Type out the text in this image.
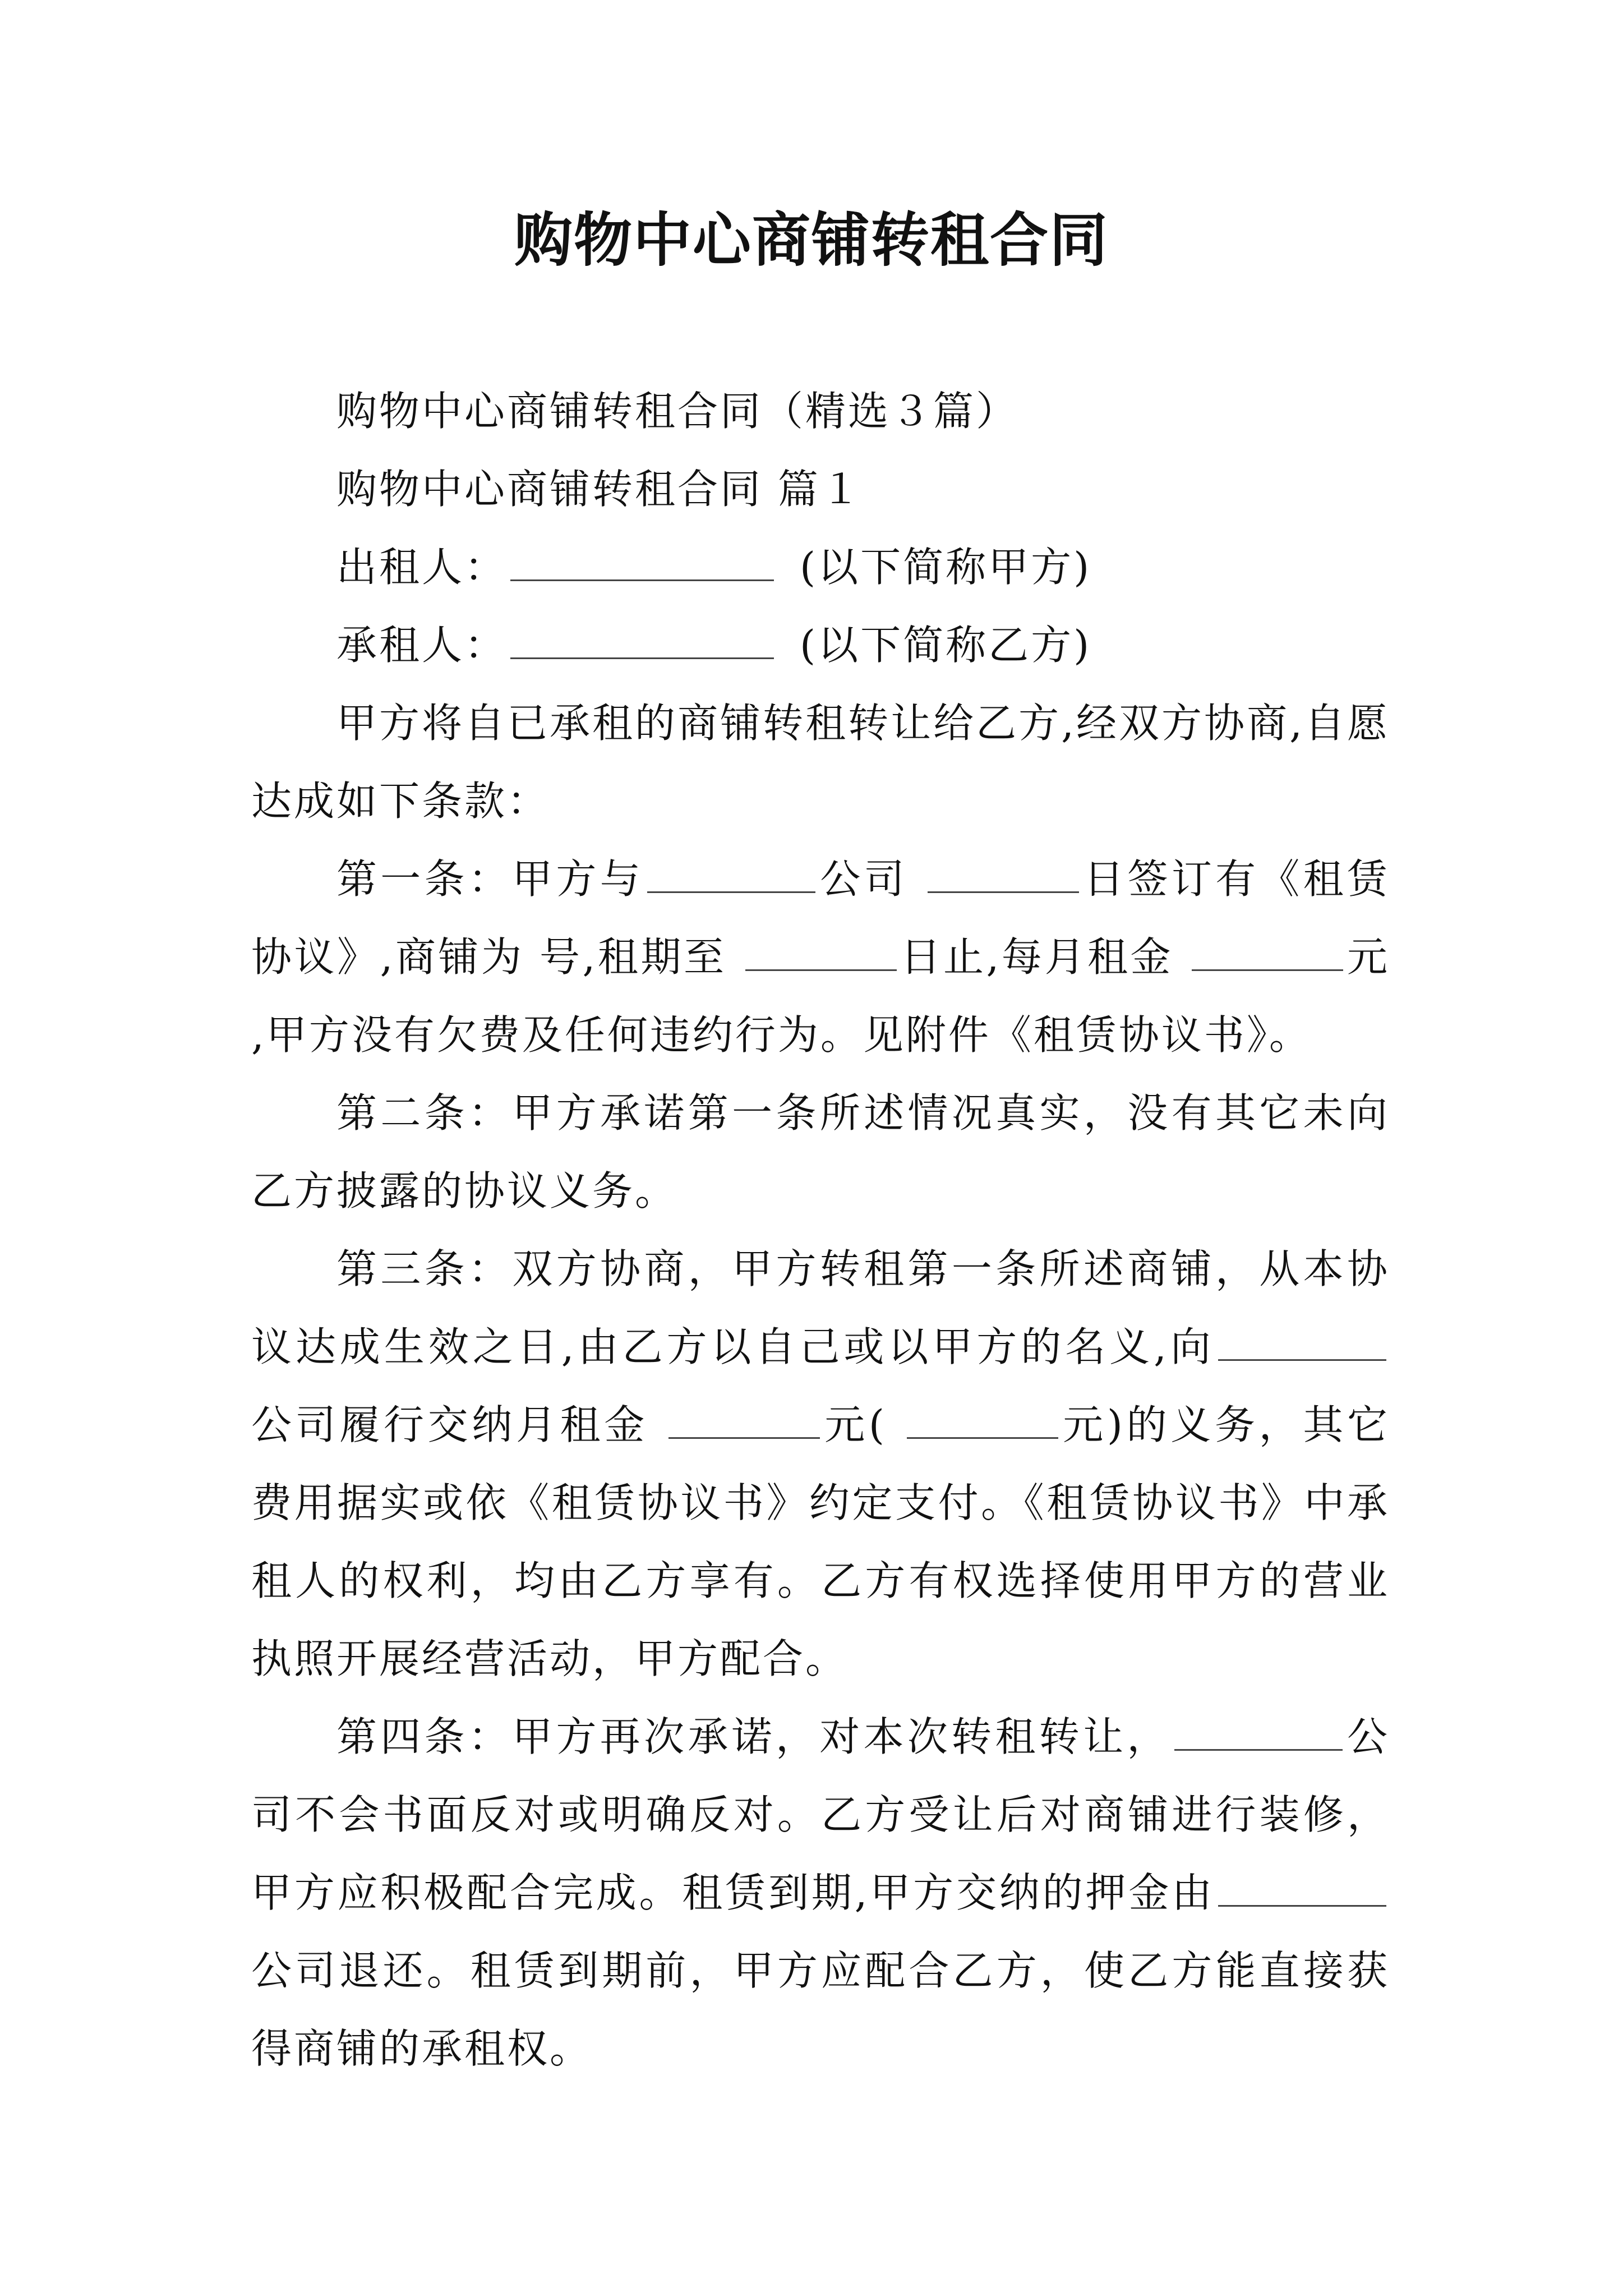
购物中心商铺转租合同

购物中心商铺转租合同（精选３篇）

购物中心商铺转租合同 篇１

出租人：	(以下简称甲方)

承租人：	(以下简称乙方)

甲方将自已承租的商铺转租转让给乙方,经双方协商,自愿达成如下条款：

第一条：甲方与	公司	日签订有《租赁协议》,商铺为 号,租期至	日止,每月租金	元 ,甲方没有欠费及任何违约行为。见附件《租赁协议书》。

第二条：甲方承诺第一条所述情况真实，没有其它未向乙方披露的协议义务。

第三条：双方协商，甲方转租第一条所述商铺，从本协议达成生效之日,由乙方以自己或以甲方的名义,向公司履行交纳月租金	元(	元)的义务，其它费用据实或依《租赁协议书》约定支付。《租赁协议书》中承租人的权利，均由乙方享有。乙方有权选择使用甲方的营业执照开展经营活动，甲方配合。

第四条：甲方再次承诺，对本次转租转让，	公司不会书面反对或明确反对。乙方受让后对商铺进行装修，甲方应积极配合完成。租赁到期,甲方交纳的押金由公司退还。租赁到期前，甲方应配合乙方，使乙方能直接获得商铺的承租权。
